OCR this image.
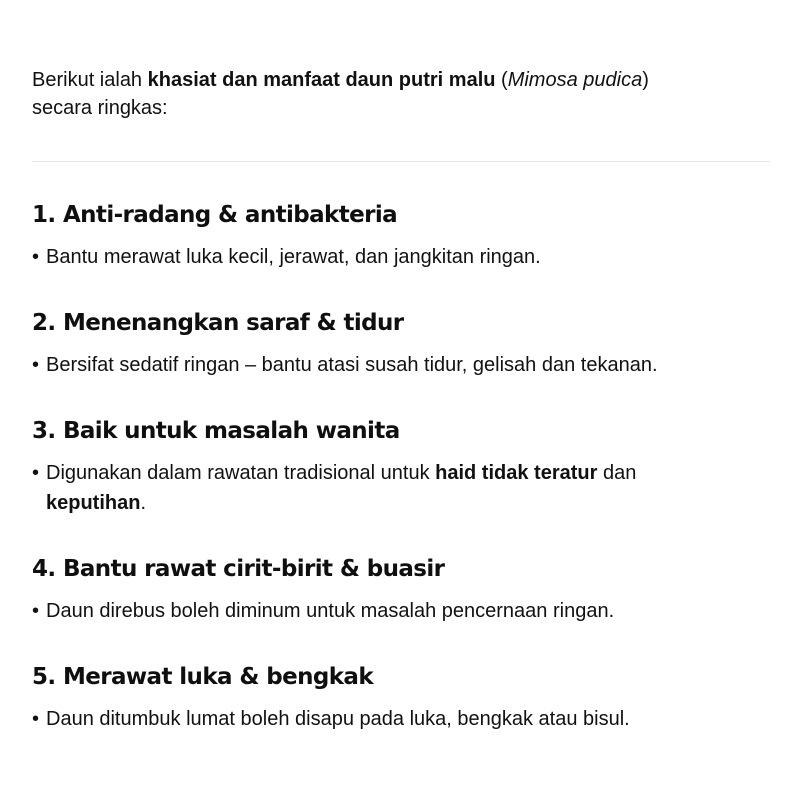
Berikut ialah khasiat dan manfaat daun putri malu (Mimosa pudica)
secara ringkas:

1. Anti-radang & antibakteria
• Bantu merawat luka kecil, jerawat, dan jangkitan ringan.
2. Menenangkan saraf & tidur
• Bersifat sedatif ringan – bantu atasi susah tidur, gelisah dan tekanan.
3. Baik untuk masalah wanita
• Digunakan dalam rawatan tradisional untuk haid tidak teratur dan
keputihan.
4. Bantu rawat cirit-birit & buasir
• Daun direbus boleh diminum untuk masalah pencernaan ringan.
5. Merawat luka & bengkak
• Daun ditumbuk lumat boleh disapu pada luka, bengkak atau bisul.
